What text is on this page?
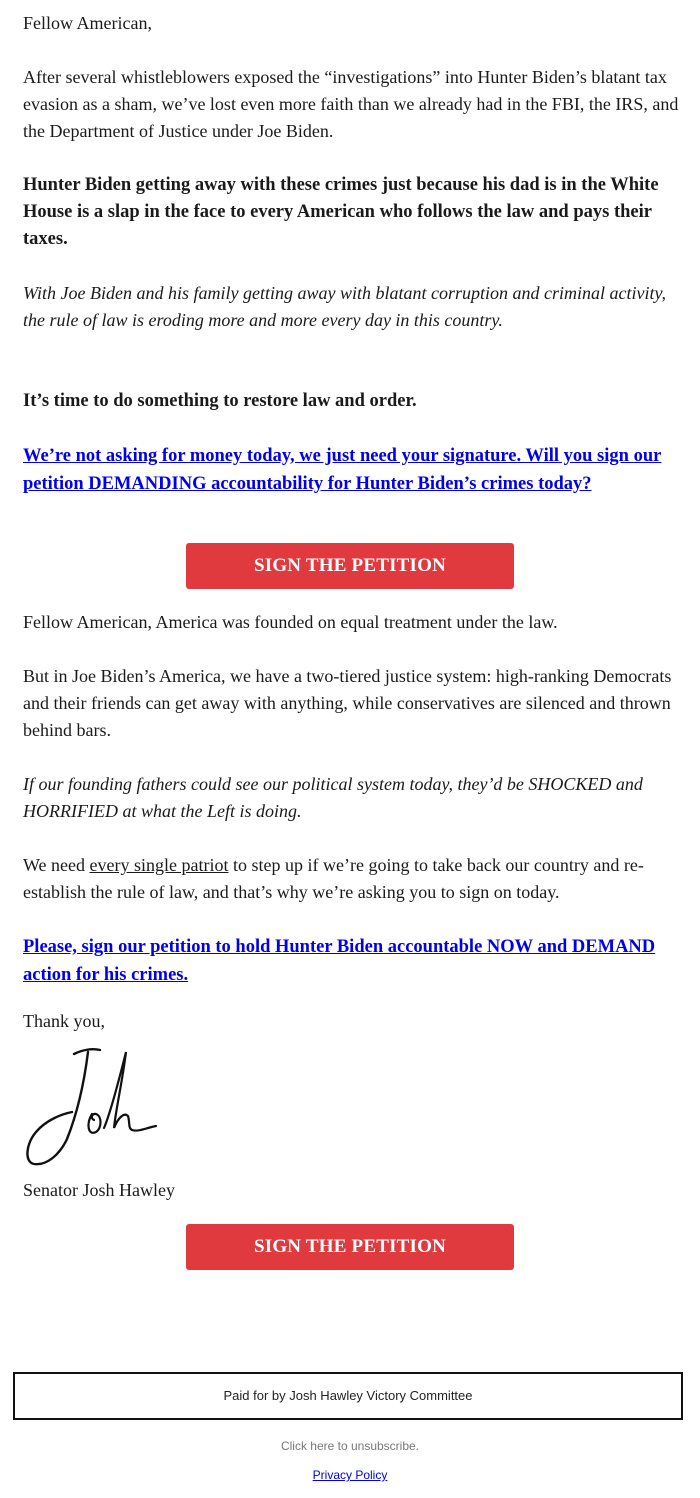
Fellow American,

After several whistleblowers exposed the “investigations” into Hunter Biden’s blatant tax evasion as a sham, we’ve lost even more faith than we already had in the FBI, the IRS, and the Department of Justice under Joe Biden.

Hunter Biden getting away with these crimes just because his dad is in the White House is a slap in the face to every American who follows the law and pays their taxes.

With Joe Biden and his family getting away with blatant corruption and criminal activity, the rule of law is eroding more and more every day in this country.

It’s time to do something to restore law and order.

We’re not asking for money today, we just need your signature. Will you sign our petition DEMANDING accountability for Hunter Biden’s crimes today?

SIGN THE PETITION

Fellow American, America was founded on equal treatment under the law.

But in Joe Biden’s America, we have a two-tiered justice system: high-ranking Democrats and their friends can get away with anything, while conservatives are silenced and thrown behind bars.

If our founding fathers could see our political system today, they’d be SHOCKED and HORRIFIED at what the Left is doing.

We need every single patriot to step up if we’re going to take back our country and re-establish the rule of law, and that’s why we’re asking you to sign on today.

Please, sign our petition to hold Hunter Biden accountable NOW and DEMAND action for his crimes.

Thank you,

Senator Josh Hawley

SIGN THE PETITION
Paid for by Josh Hawley Victory Committee
Click here to unsubscribe.
Privacy Policy
